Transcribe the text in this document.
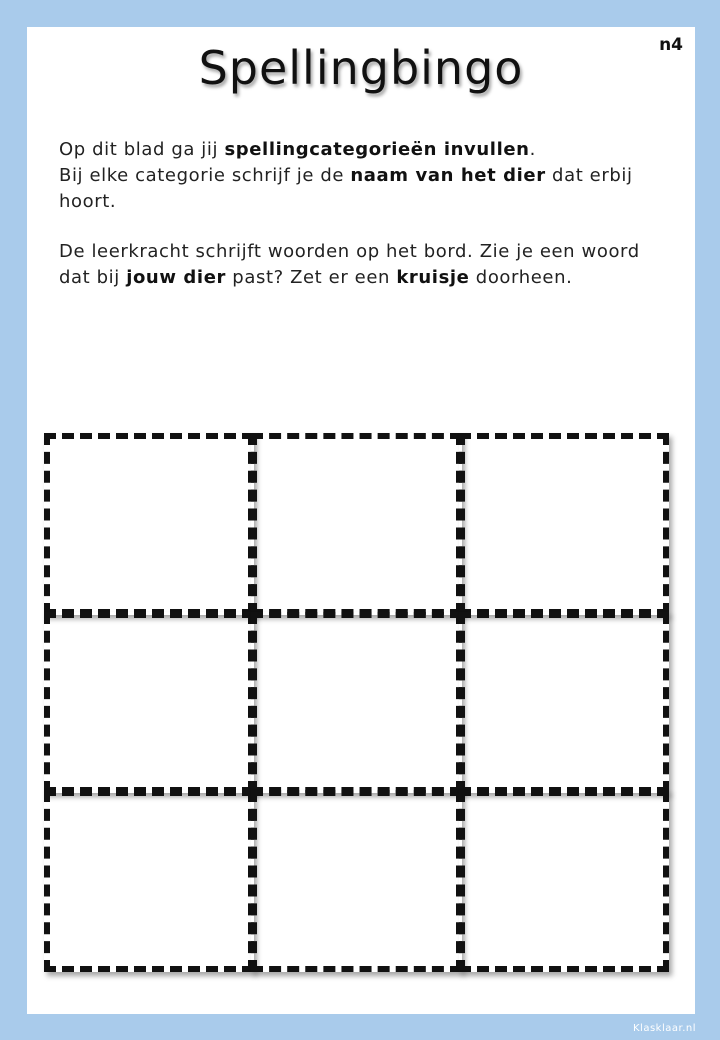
n4
Spellingbingo

Op dit blad ga jij spellingcategorieën invullen.
Bij elke categorie schrijf je de naam van het dier dat erbij hoort.

De leerkracht schrijft woorden op het bord. Zie je een woord dat bij jouw dier past? Zet er een kruisje doorheen.

Klasklaar.nl
